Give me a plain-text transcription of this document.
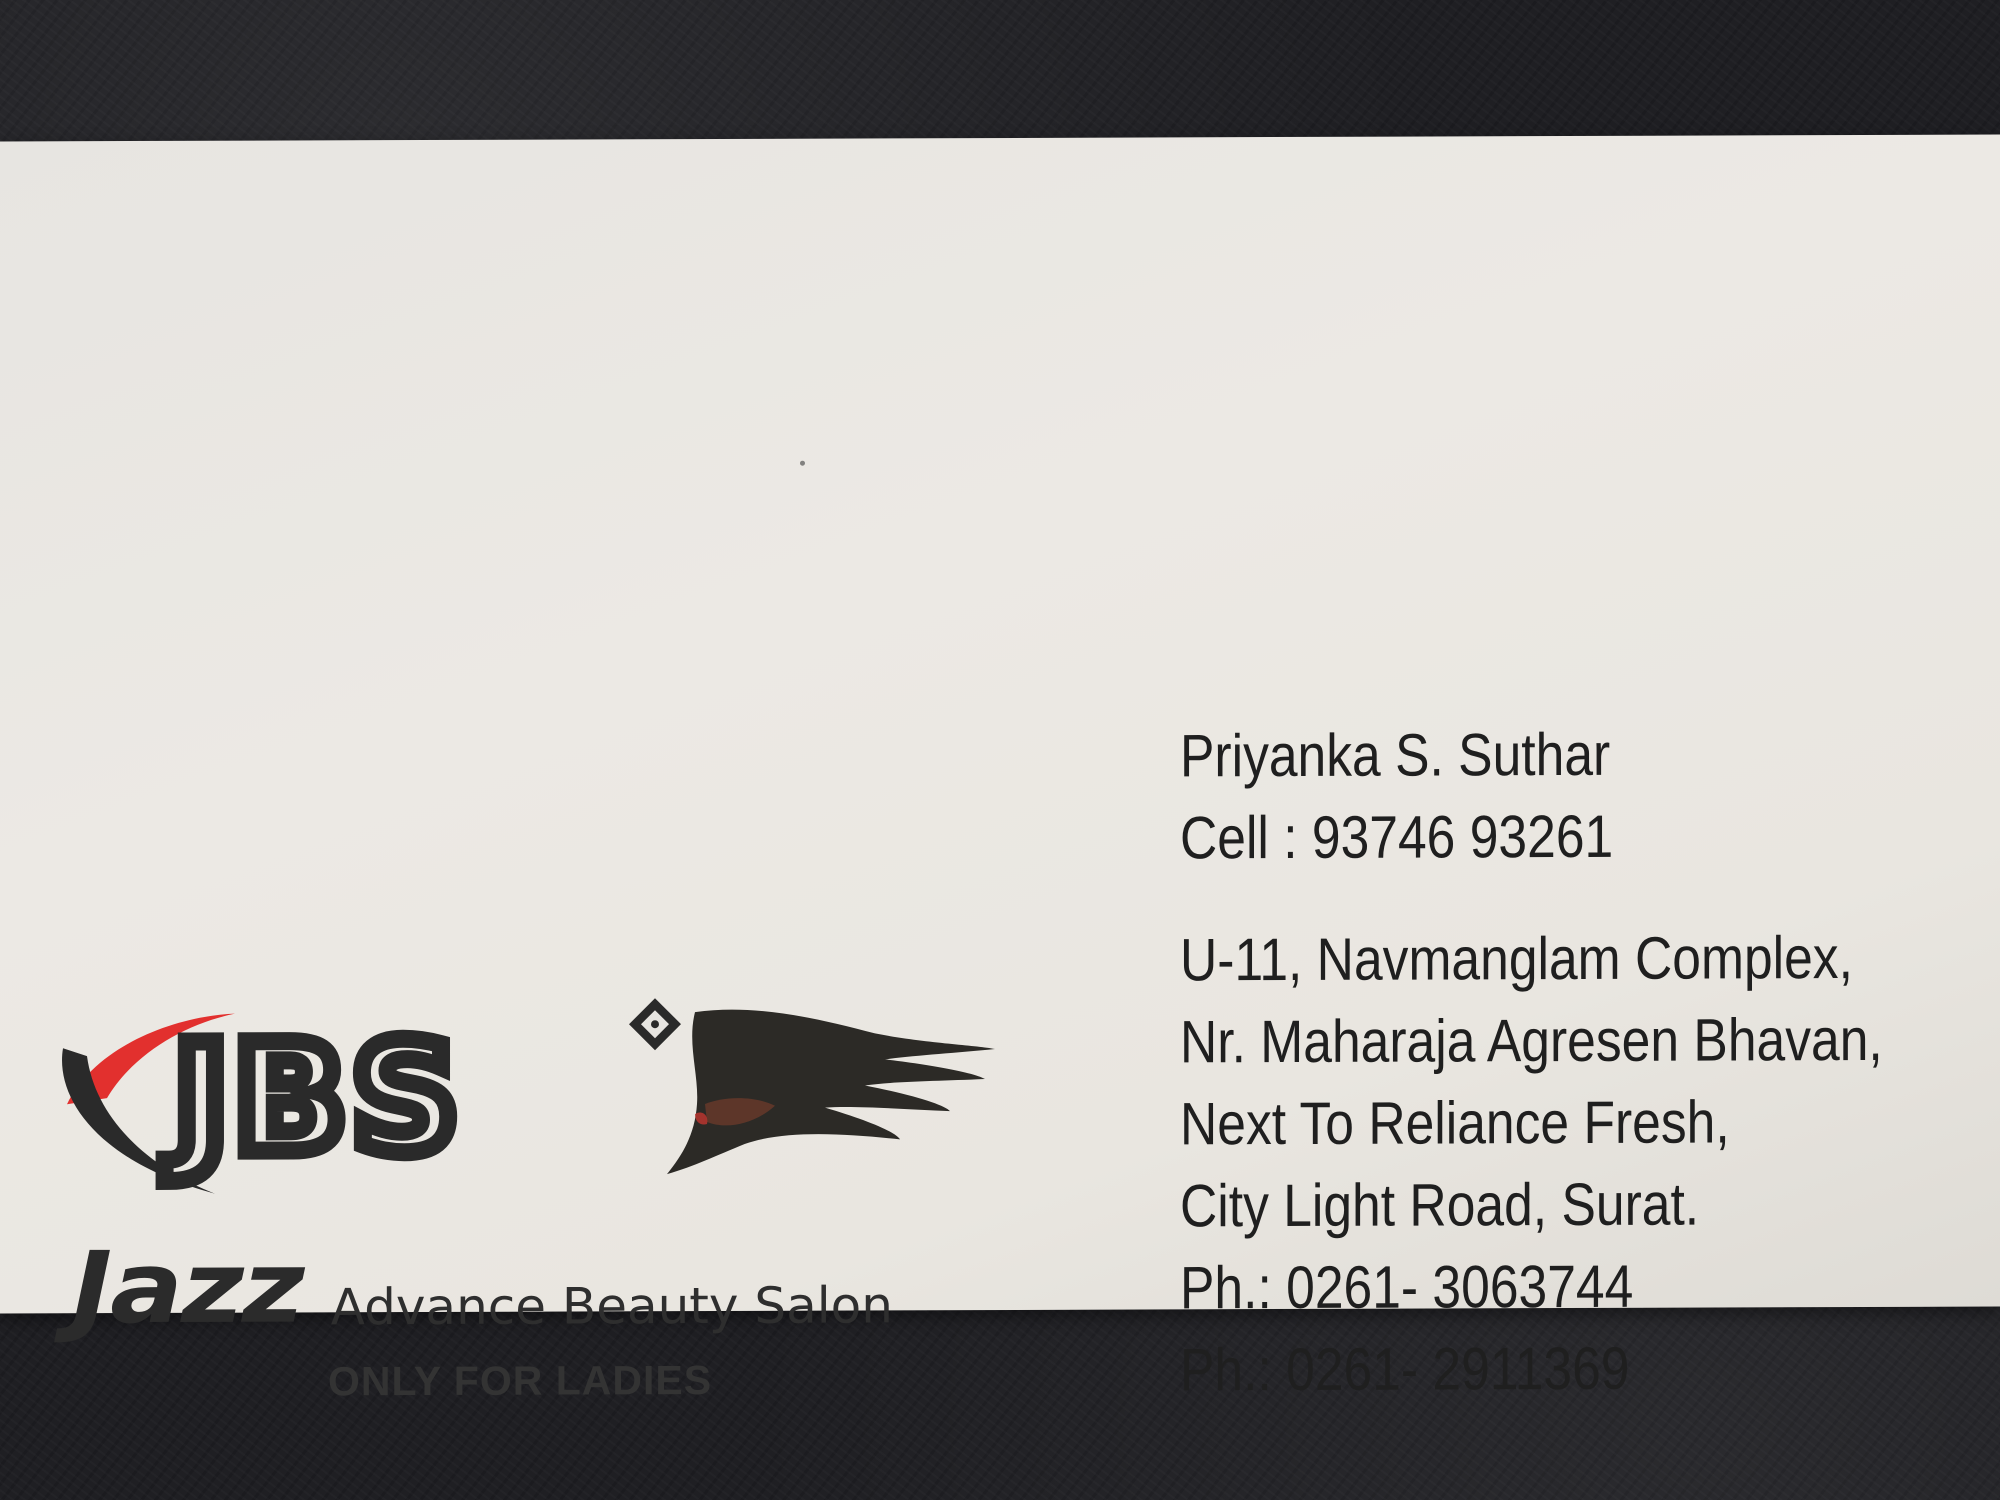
JBS
Jazz Advance Beauty Salon
ONLY FOR LADIES
Priyanka S. Suthar
Cell : 93746 93261
U-11, Navmanglam Complex,
Nr. Maharaja Agresen Bhavan,
Next To Reliance Fresh,
City Light Road, Surat.
Ph.: 0261- 3063744
Ph.: 0261- 2911369
